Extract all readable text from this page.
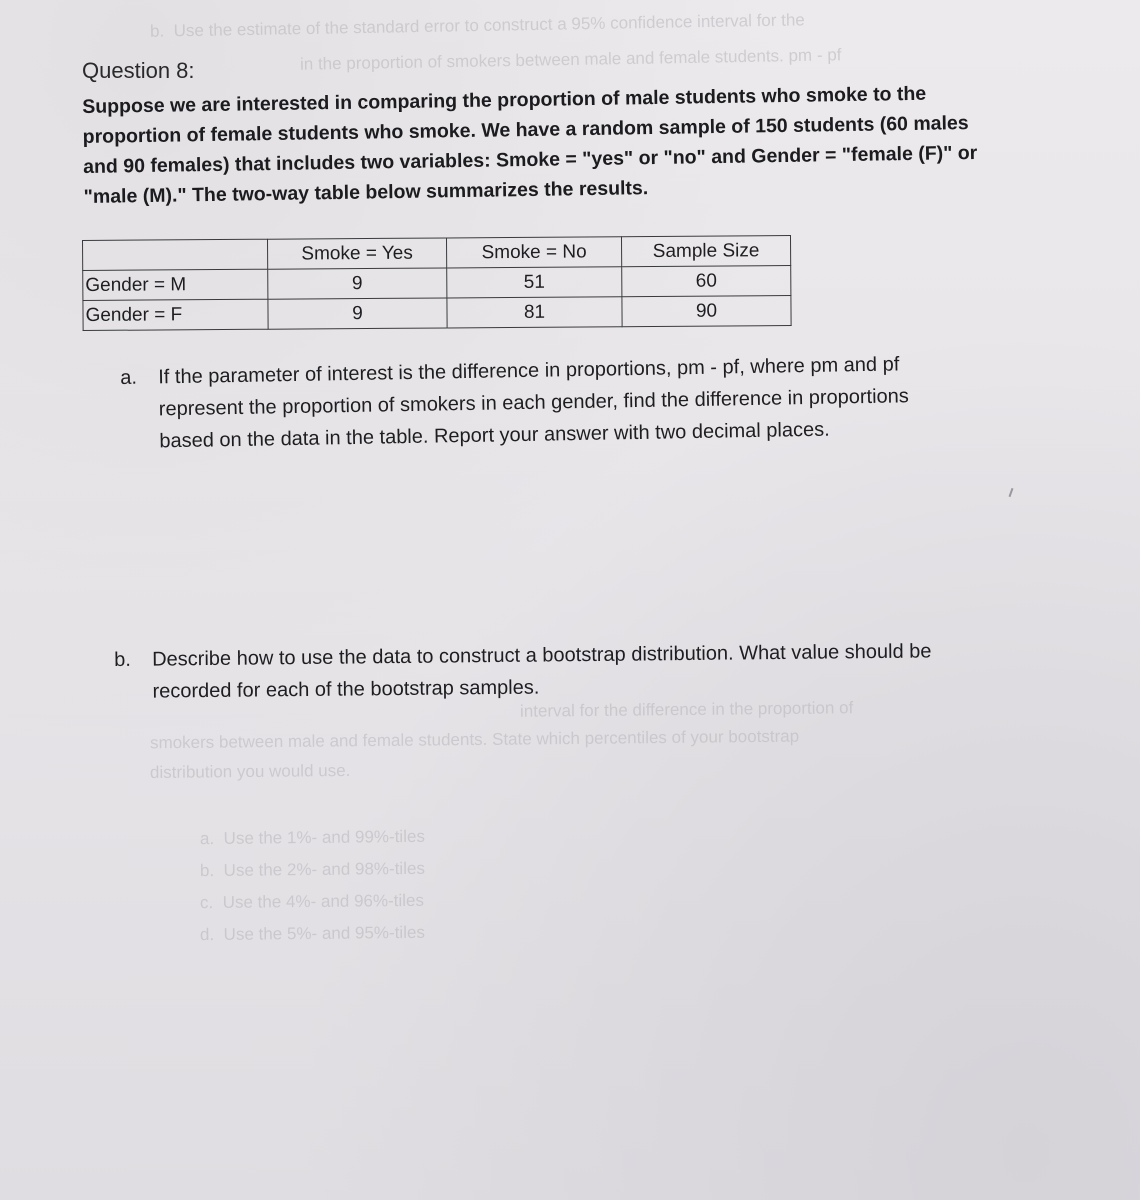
b.  Use the estimate of the standard error to construct a 95% confidence interval for the
in the proportion of smokers between male and female students. pm - pf
interval for the difference in the proportion of
smokers between male and female students. State which percentiles of your bootstrap
distribution you would use.
a.  Use the 1%- and 99%-tiles
b.  Use the 2%- and 98%-tiles
c.  Use the 4%- and 96%-tiles
d.  Use the 5%- and 95%-tiles
Question 8:
Suppose we are interested in comparing the proportion of male students who smoke to the
proportion of female students who smoke. We have a random sample of 150 students (60 males
and 90 females) that includes two variables: Smoke = "yes" or "no" and Gender = "female (F)" or
"male (M)." The two-way table below summarizes the results.
	Smoke = Yes	Smoke = No	Sample Size
Gender = M	9	51	60
Gender = F	9	81	90
a. If the parameter of interest is the difference in proportions, pm - pf, where pm and pf
represent the proportion of smokers in each gender, find the difference in proportions
based on the data in the table. Report your answer with two decimal places.
b. Describe how to use the data to construct a bootstrap distribution. What value should be
recorded for each of the bootstrap samples.
